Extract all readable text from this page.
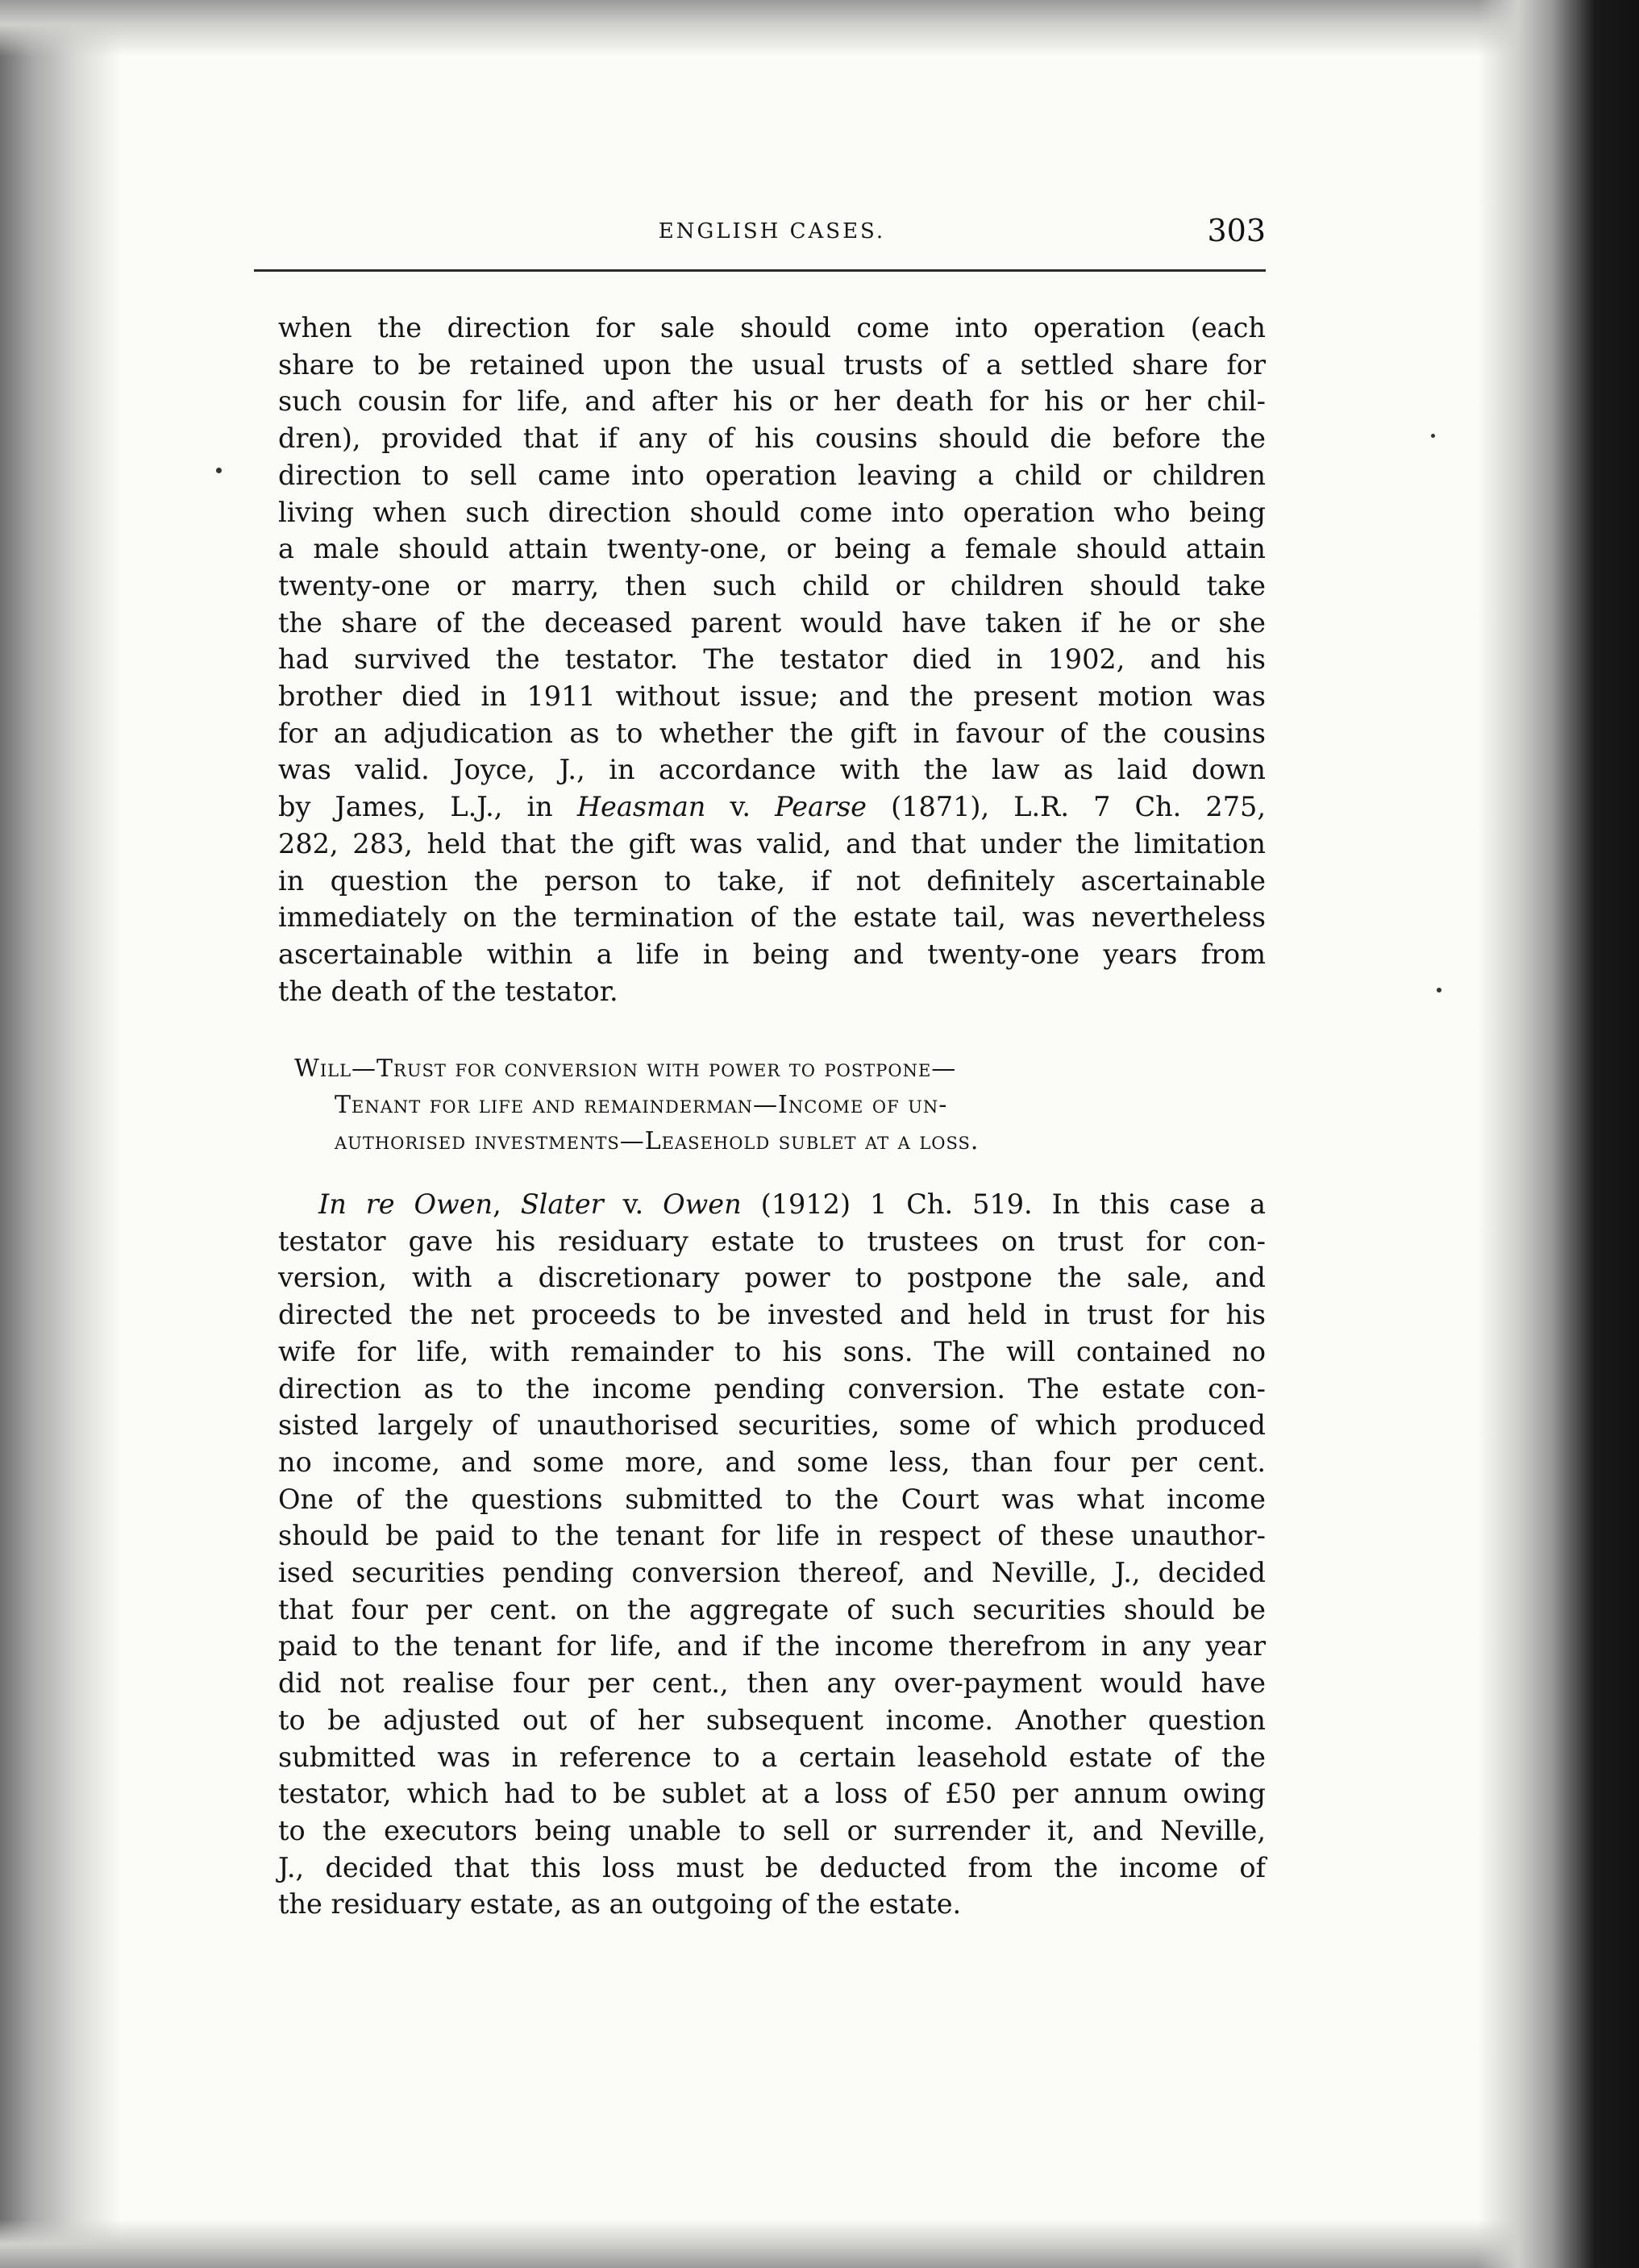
ENGLISH CASES.	303
when the direction for sale should come into operation (each
share to be retained upon the usual trusts of a settled share for
such cousin for life, and after his or her death for his or her chil-
dren), provided that if any of his cousins should die before the
direction to sell came into operation leaving a child or children
living when such direction should come into operation who being
a male should attain twenty-one, or being a female should attain
twenty-one or marry, then such child or children should take
the share of the deceased parent would have taken if he or she
had survived the testator. The testator died in 1902, and his
brother died in 1911 without issue; and the present motion was
for an adjudication as to whether the gift in favour of the cousins
was valid. Joyce, J., in accordance with the law as laid down
by James, L.J., in Heasman v. Pearse (1871), L.R. 7 Ch. 275,
282, 283, held that the gift was valid, and that under the limitation
in question the person to take, if not definitely ascertainable
immediately on the termination of the estate tail, was nevertheless
ascertainable within a life in being and twenty-one years from
the death of the testator.
Will—Trust for conversion with power to postpone—
Tenant for life and remainderman—Income of un-
authorised investments—Leasehold sublet at a loss.
In re Owen, Slater v. Owen (1912) 1 Ch. 519. In this case a
testator gave his residuary estate to trustees on trust for con-
version, with a discretionary power to postpone the sale, and
directed the net proceeds to be invested and held in trust for his
wife for life, with remainder to his sons. The will contained no
direction as to the income pending conversion. The estate con-
sisted largely of unauthorised securities, some of which produced
no income, and some more, and some less, than four per cent.
One of the questions submitted to the Court was what income
should be paid to the tenant for life in respect of these unauthor-
ised securities pending conversion thereof, and Neville, J., decided
that four per cent. on the aggregate of such securities should be
paid to the tenant for life, and if the income therefrom in any year
did not realise four per cent., then any over-payment would have
to be adjusted out of her subsequent income. Another question
submitted was in reference to a certain leasehold estate of the
testator, which had to be sublet at a loss of £50 per annum owing
to the executors being unable to sell or surrender it, and Neville,
J., decided that this loss must be deducted from the income of
the residuary estate, as an outgoing of the estate.
